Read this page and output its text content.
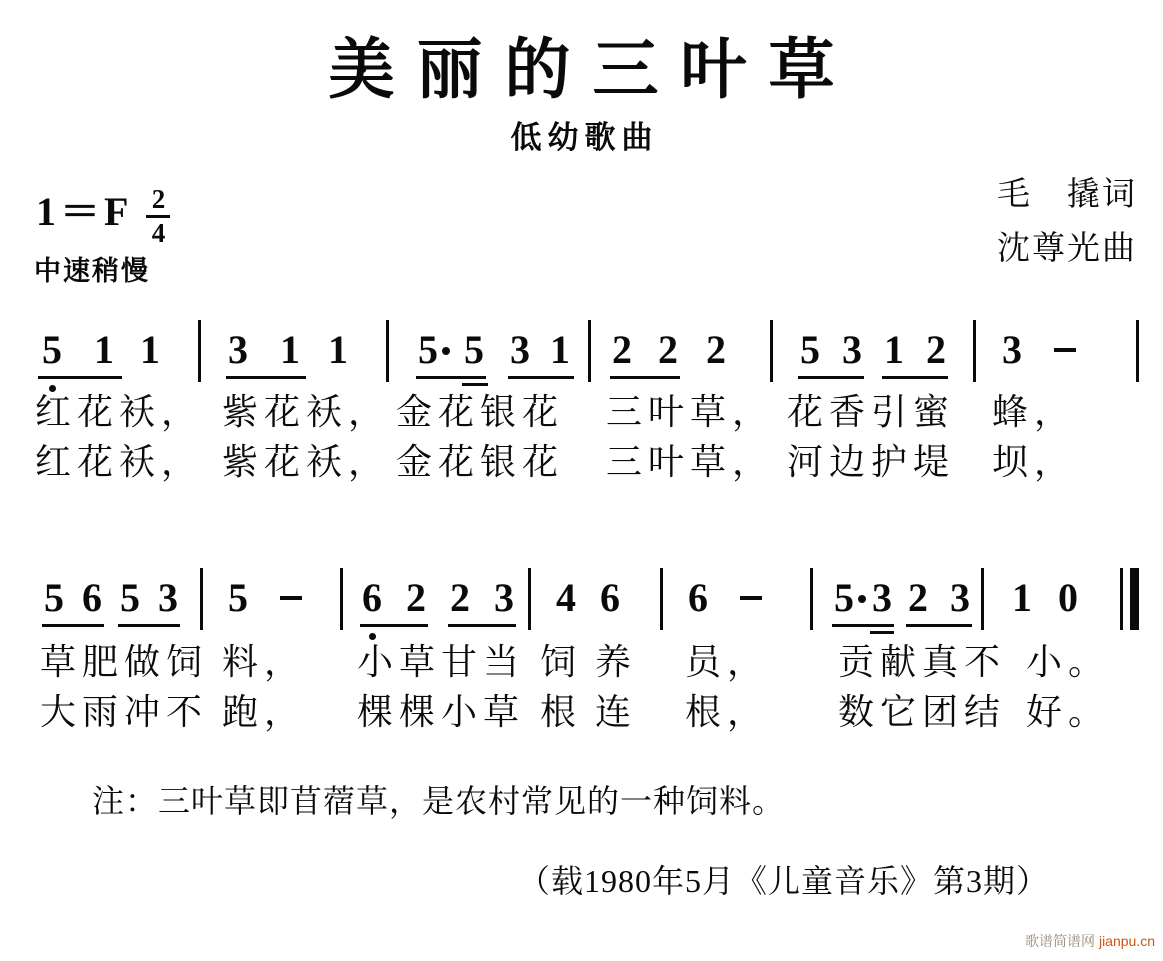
美丽的三叶草
低幼歌曲
毛　撬词
沈尊光曲
$1=F \frac{2}{4}$
中速稍慢
5 1 1 3 1 1 5 5 3 1 2 2 2 5 3 1 2 3
5 6 5 3 5	6 2 2 3 4 6 6	5 3 2 3 1 0
红花袄， 紫花袄， 金花银花 三叶草， 花香引蜜 蜂，
红花袄， 紫花袄， 金花银花 三叶草， 河边护堤 坝，
草肥做饲 料， 小草甘当 饲 养 员， 贡献真不 小。
大雨冲不 跑， 棵棵小草 根 连 根， 数它团结 好。
注：三叶草即苜蓿草，是农村常见的一种饲料。
（载1980年5月《儿童音乐》第3期）
歌谱简谱网 jianpu.cn
